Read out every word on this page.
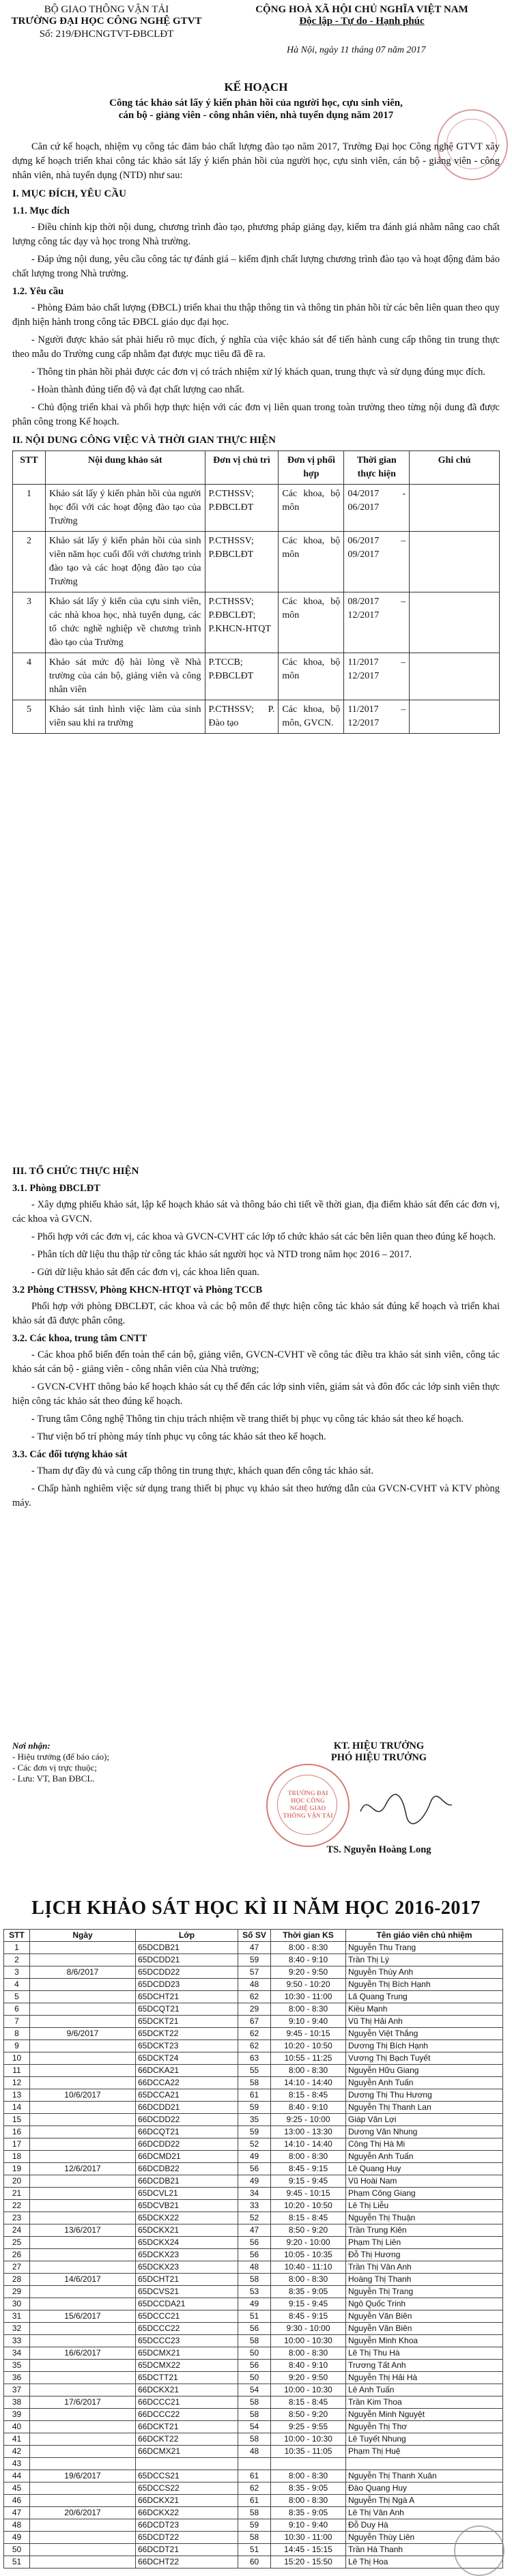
BỘ GIAO THÔNG VẬN TẢI
TRƯỜNG ĐẠI HỌC CÔNG NGHỆ GTVT
Số: 219/ĐHCNGTVT-ĐBCLĐT
CỘNG HOÀ XÃ HỘI CHỦ NGHĨA VIỆT NAM
Độc lập - Tự do - Hạnh phúc
Hà Nội, ngày 11 tháng 07 năm 2017
KẾ HOẠCH
Công tác khảo sát lấy ý kiến phản hồi của người học, cựu sinh viên,
cán bộ - giảng viên - công nhân viên, nhà tuyển dụng năm 2017

Căn cứ kế hoạch, nhiệm vụ công tác đảm bảo chất lượng đào tạo năm 2017, Trường Đại học Công nghệ GTVT xây dựng kế hoạch triển khai công tác khảo sát lấy ý kiến phản hồi của người học, cựu sinh viên, cán bộ - giảng viên - công nhân viên, nhà tuyển dụng (NTD) như sau:

I. MỤC ĐÍCH, YÊU CẦU
1.1. Mục đích

- Điều chỉnh kịp thời nội dung, chương trình đào tạo, phương pháp giảng dạy, kiểm tra đánh giá nhằm nâng cao chất lượng công tác dạy và học trong Nhà trường.

- Đáp ứng nội dung, yêu cầu công tác tự đánh giá – kiểm định chất lượng chương trình đào tạo và hoạt động đảm bảo chất lượng trong Nhà trường.

1.2. Yêu cầu

- Phòng Đảm bảo chất lượng (ĐBCL) triển khai thu thập thông tin và thông tin phản hồi từ các bên liên quan theo quy định hiện hành trong công tác ĐBCL giáo dục đại học.

- Người được khảo sát phải hiểu rõ mục đích, ý nghĩa của việc khảo sát để tiến hành cung cấp thông tin trung thực theo mẫu do Trường cung cấp nhằm đạt được mục tiêu đã đề ra.

- Thông tin phản hồi phải được các đơn vị có trách nhiệm xử lý khách quan, trung thực và sử dụng đúng mục đích.

- Hoàn thành đúng tiến độ và đạt chất lượng cao nhất.

- Chủ động triển khai và phối hợp thực hiện với các đơn vị liên quan trong toàn trường theo từng nội dung đã được phân công trong Kế hoạch.

II. NỘI DUNG CÔNG VIỆC VÀ THỜI GIAN THỰC HIỆN
STT	Nội dung khảo sát	Đơn vị chủ trì	Đơn vị phối hợp	Thời gian thực hiện	Ghi chú
1	Khảo sát lấy ý kiến phản hồi của người học đối với các hoạt động đào tạo của Trường	P.CTHSSV; P.ĐBCLĐT	Các khoa, bộ môn	04/2017 - 06/2017	
2	Khảo sát lấy ý kiến phản hồi của sinh viên năm học cuối đối với chương trình đào tạo và các hoạt động đào tạo của Trường	P.CTHSSV; P.ĐBCLĐT	Các khoa, bộ môn	06/2017 – 09/2017	
3	Khảo sát lấy ý kiến của cựu sinh viên, các nhà khoa học, nhà tuyển dụng, các tổ chức nghề nghiệp về chương trình đào tạo của Trường	P.CTHSSV; P.ĐBCLĐT; P.KHCN-HTQT	Các khoa, bộ môn	08/2017 – 12/2017	
4	Khảo sát mức độ hài lòng về Nhà trường của cán bộ, giảng viên và công nhân viên	P.TCCB; P.ĐBCLĐT	Các khoa, bộ môn	11/2017 – 12/2017	
5	Khảo sát tình hình việc làm của sinh viên sau khi ra trường	P.CTHSSV; P. Đào tạo	Các khoa, bộ môn, GVCN.	11/2017 – 12/2017	
III. TỔ CHỨC THỰC HIỆN
3.1. Phòng ĐBCLĐT

- Xây dựng phiếu khảo sát, lập kế hoạch khảo sát và thông báo chi tiết về thời gian, địa điểm khảo sát đến các đơn vị, các khoa và GVCN.

- Phối hợp với các đơn vị, các khoa và GVCN-CVHT các lớp tổ chức khảo sát các bên liên quan theo đúng kế hoạch.

- Phân tích dữ liệu thu thập từ công tác khảo sát người học và NTD trong năm học 2016 – 2017.

- Gửi dữ liệu khảo sát đến các đơn vị, các khoa liên quan.

3.2 Phòng CTHSSV, Phòng KHCN-HTQT và Phòng TCCB

Phối hợp với phòng ĐBCLĐT, các khoa và các bộ môn để thực hiện công tác khảo sát đúng kế hoạch và triển khai khảo sát đã được phân công.

3.2. Các khoa, trung tâm CNTT

- Các khoa phổ biến đến toàn thể cán bộ, giảng viên, GVCN-CVHT về công tác điều tra khảo sát sinh viên, công tác khảo sát cán bộ - giảng viên - công nhân viên của Nhà trường;

- GVCN-CVHT thông báo kế hoạch khảo sát cụ thể đến các lớp sinh viên, giám sát và đôn đốc các lớp sinh viên thực hiện công tác khảo sát theo đúng kế hoạch.

- Trung tâm Công nghệ Thông tin chịu trách nhiệm về trang thiết bị phục vụ công tác khảo sát theo kế hoạch.

- Thư viện bố trí phòng máy tính phục vụ công tác khảo sát theo kế hoạch.

3.3. Các đối tượng khảo sát

- Tham dự đầy đủ và cung cấp thông tin trung thực, khách quan đến công tác khảo sát.

- Chấp hành nghiêm việc sử dụng trang thiết bị phục vụ khảo sát theo hướng dẫn của GVCN-CVHT và KTV phòng máy.

Nơi nhận:
- Hiệu trưởng (để báo cáo);
- Các đơn vị trực thuộc;
- Lưu: VT, Ban ĐBCL.
KT. HIỆU TRƯỞNG
PHÓ HIỆU TRƯỞNG
TRƯỜNG ĐẠI HỌC CÔNG NGHỆ GIAO THÔNG VẬN TẢI
TS. Nguyễn Hoàng Long
LỊCH KHẢO SÁT HỌC KÌ II NĂM HỌC 2016-2017
STT	Ngày	Lớp	Số SV	Thời gian KS	Tên giáo viên chủ nhiệm
1		65DCDB21	47	8:00 - 8:30	Nguyễn Thu Trang
2		65DCDD21	59	8:40 - 9:10	Trần Thị Lý
3	8/6/2017	65DCDD22	57	9:20 - 9:50	Nguyễn Thùy Anh
4		65DCDD23	48	9:50 - 10:20	Nguyễn Thị Bích Hạnh
5		65DCHT21	62	10:30 - 11:00	Lã Quang Trung
6		65DCQT21	29	8:00 - 8:30	Kiều Mạnh
7		65DCKT21	67	9:10 - 9:40	Vũ Thị Hải Anh
8	9/6/2017	65DCKT22	62	9:45 - 10:15	Nguyễn Việt Thắng
9		65DCKT23	62	10:20 - 10:50	Dương Thị Bích Hạnh
10		65DCKT24	63	10:55 - 11:25	Vương Thị Bạch Tuyết
11		66DCKA21	55	8:00 - 8:30	Nguyễn Hữu Giang
12		66DCCA22	58	14:10 - 14:40	Nguyễn Anh Tuấn
13	10/6/2017	65DCCA21	61	8:15 - 8:45	Dương Thị Thu Hương
14		66DCDD21	59	8:40 - 9:10	Nguyễn Thị Thanh Lan
15		66DCDD22	35	9:25 - 10:00	Giáp Văn Lợi
16		66DCQT21	59	13:00 - 13:30	Dương Văn Nhung
17		66DCDD22	52	14:10 - 14:40	Công Thị Hà Mi
18		66DCMD21	49	8:00 - 8:30	Nguyễn Anh Tuấn
19	12/6/2017	66DCDB22	56	8:45 - 9:15	Lê Quang Huy
20		66DCDB21	49	9:15 - 9:45	Vũ Hoài Nam
21		65DCVL21	34	9:45 - 10:15	Phạm Công Giang
22		65DCVB21	33	10:20 - 10:50	Lê Thị Liễu
23		65DCKX22	52	8:15 - 8:45	Nguyễn Thị Thuận
24	13/6/2017	65DCKX21	47	8:50 - 9:20	Trần Trung Kiên
25		65DCKX24	56	9:20 - 10:00	Phạm Thị Liên
26		65DCKX23	56	10:05 - 10:35	Đỗ Thị Hương
27		65DCKX23	48	10:40 - 11:10	Trần Thị Vân Anh
28	14/6/2017	65DCHT21	58	8:00 - 8:30	Hoàng Thị Thanh
29		65DCVS21	53	8:35 - 9:05	Nguyễn Thị Trang
30		65DCCDA21	49	9:15 - 9:45	Ngô Quốc Trinh
31	15/6/2017	65DCCC21	51	8:45 - 9:15	Nguyễn Văn Biên
32		65DCCC22	56	9:30 - 10:00	Nguyễn Văn Biên
33		65DCCC23	58	10:00 - 10:30	Nguyễn Minh Khoa
34	16/6/2017	65DCMX21	50	8:00 - 8:30	Lê Thị Thu Hà
35		65DCMX22	56	8:40 - 9:10	Trương Tất Anh
36		65DCTT21	50	9:20 - 9:50	Nguyễn Thị Hải Hà
37		66DCKX21	54	10:00 - 10:30	Lê Anh Tuấn
38	17/6/2017	66DCCC21	58	8:15 - 8:45	Trần Kim Thoa
39		66DCCC22	58	8:50 - 9:20	Nguyễn Minh Nguyệt
40		66DCKT21	54	9:25 - 9:55	Nguyễn Thị Thơ
41		66DCKT22	58	10:00 - 10:30	Lê Tuyết Nhung
42		66DCMX21	48	10:35 - 11:05	Phạm Thị Huệ
43					
44	19/6/2017	65DCCS21	61	8:00 - 8:30	Nguyễn Thị Thanh Xuân
45		65DCCS22	62	8:35 - 9:05	Đào Quang Huy
46		66DCKX21	61	8:00 - 8:30	Nguyễn Thị Ngà A
47	20/6/2017	66DCKX22	58	8:35 - 9:05	Lê Thị Vân Anh
48		66DCDT23	59	9:10 - 9:40	Đỗ Duy Hà
49		65DCDT22	58	10:30 - 11:00	Nguyễn Thùy Liên
50		66DCDT21	51	14:45 - 15:15	Trần Hà Thanh
51		66DCHT22	60	15:20 - 15:50	Lê Thị Hoa
